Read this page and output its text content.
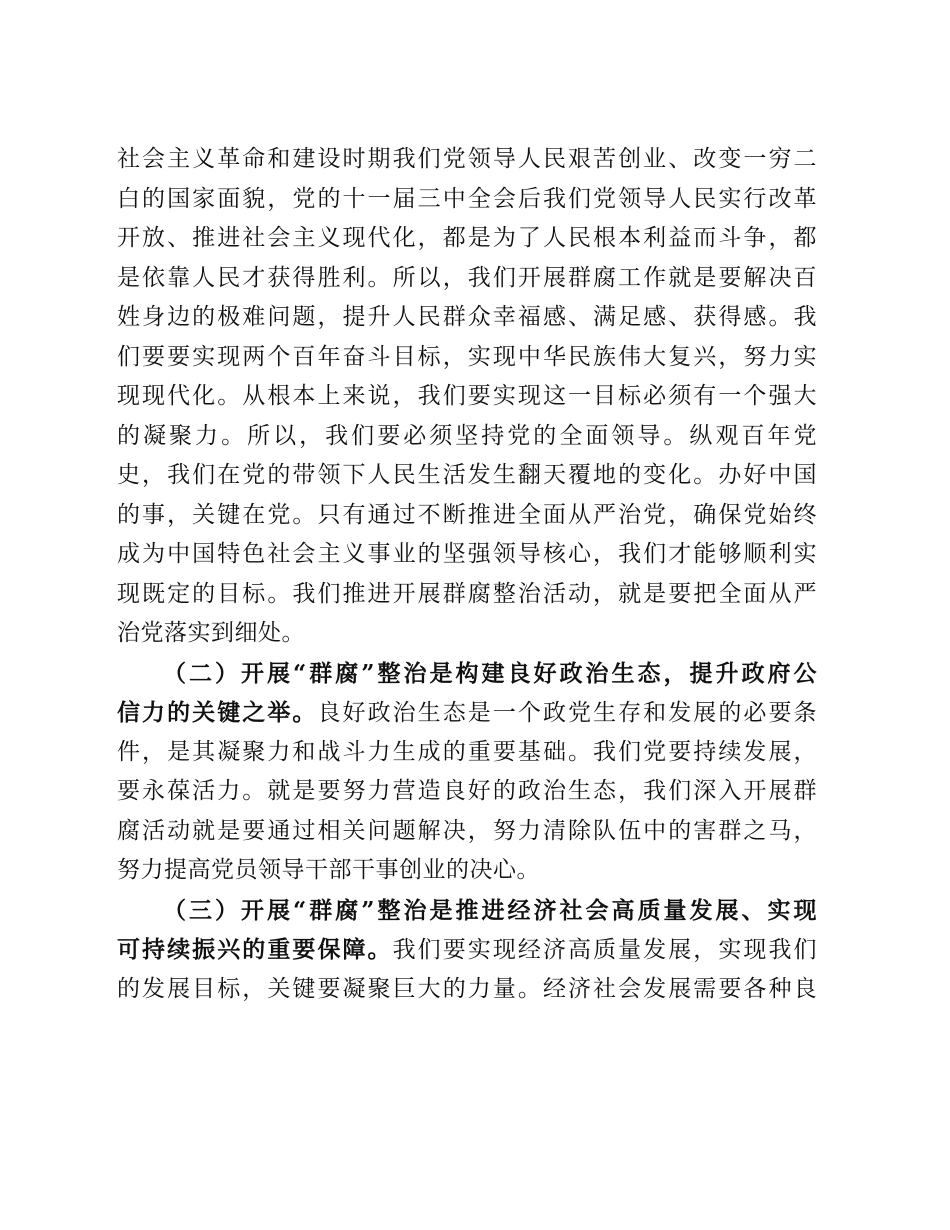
社会主义革命和建设时期我们党领导人民艰苦创业、改变一穷二
白的国家面貌，党的十一届三中全会后我们党领导人民实行改革
开放、推进社会主义现代化，都是为了人民根本利益而斗争，都
是依靠人民才获得胜利。所以，我们开展群腐工作就是要解决百
姓身边的极难问题，提升人民群众幸福感、满足感、获得感。我
们要要实现两个百年奋斗目标，实现中华民族伟大复兴，努力实
现现代化。从根本上来说，我们要实现这一目标必须有一个强大
的凝聚力。所以，我们要必须坚持党的全面领导。纵观百年党
史，我们在党的带领下人民生活发生翻天覆地的变化。办好中国
的事，关键在党。只有通过不断推进全面从严治党，确保党始终
成为中国特色社会主义事业的坚强领导核心，我们才能够顺利实
现既定的目标。我们推进开展群腐整治活动，就是要把全面从严
治党落实到细处。
（二）开展“群腐”整治是构建良好政治生态，提升政府公
信力的关键之举。良好政治生态是一个政党生存和发展的必要条
件，是其凝聚力和战斗力生成的重要基础。我们党要持续发展，
要永葆活力。就是要努力营造良好的政治生态，我们深入开展群
腐活动就是要通过相关问题解决，努力清除队伍中的害群之马，
努力提高党员领导干部干事创业的决心。
（三）开展“群腐”整治是推进经济社会高质量发展、实现
可持续振兴的重要保障。我们要实现经济高质量发展，实现我们
的发展目标，关键要凝聚巨大的力量。经济社会发展需要各种良
